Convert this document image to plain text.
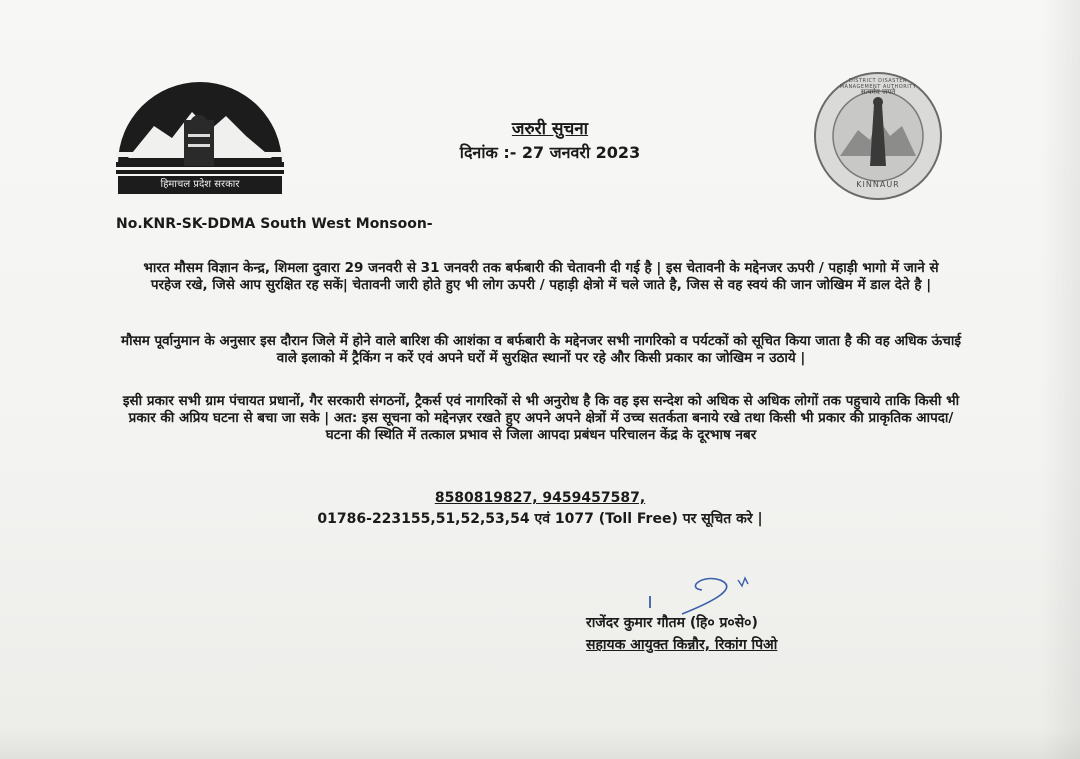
हिमाचल प्रदेश सरकार
सत्यमेव जयते
DISTRICT DISASTER MANAGEMENT AUTHORITY
KINNAUR
जरुरी सुचना
दिनांक :- 27 जनवरी 2023
No.KNR-SK-DDMA South West Monsoon-
भारत मौसम विज्ञान केन्द्र, शिमला दुवारा 29 जनवरी से 31 जनवरी तक बर्फबारी की चेतावनी दी गई है | इस चेतावनी के मद्देनजर ऊपरी / पहाड़ी भागो में जाने से परहेज रखे, जिसे आप सुरक्षित रह सकें| चेतावनी जारी होते हुए भी लोग ऊपरी / पहाड़ी क्षेत्रो में चले जाते है, जिस से वह स्वयं की जान जोखिम में डाल देते है |
मौसम पूर्वानुमान के अनुसार इस दौरान जिले में होने वाले बारिश की आशंका व बर्फबारी के मद्देनजर सभी नागरिको व पर्यटकों को सूचित किया जाता है की वह अधिक ऊंचाई वाले इलाको में ट्रैकिंग न करें एवं अपने घरों में सुरक्षित स्थानों पर रहे और किसी प्रकार का जोखिम न उठाये |
इसी प्रकार सभी ग्राम पंचायत प्रधानों, गैर सरकारी संगठनों, ट्रैकर्स एवं नागरिकों से भी अनुरोध है कि वह इस सन्देश को अधिक से अधिक लोगों तक पहुचाये ताकि किसी भी प्रकार की अप्रिय घटना से बचा जा सके | अत: इस सूचना को मद्देनज़र रखते हुए अपने अपने क्षेत्रों में उच्च सतर्कता बनाये रखे तथा किसी भी प्रकार की प्राकृतिक आपदा/ घटना की स्थिति में तत्काल प्रभाव से जिला आपदा प्रबंधन परिचालन केंद्र के दूरभाष नबर
8580819827, 9459457587,
01786-223155,51,52,53,54 एवं 1077 (Toll Free) पर सूचित करे |
राजेंदर कुमार गौतम (हि० प्र०से०)
सहायक आयुक्त किन्नौर, रिकांग पिओ
